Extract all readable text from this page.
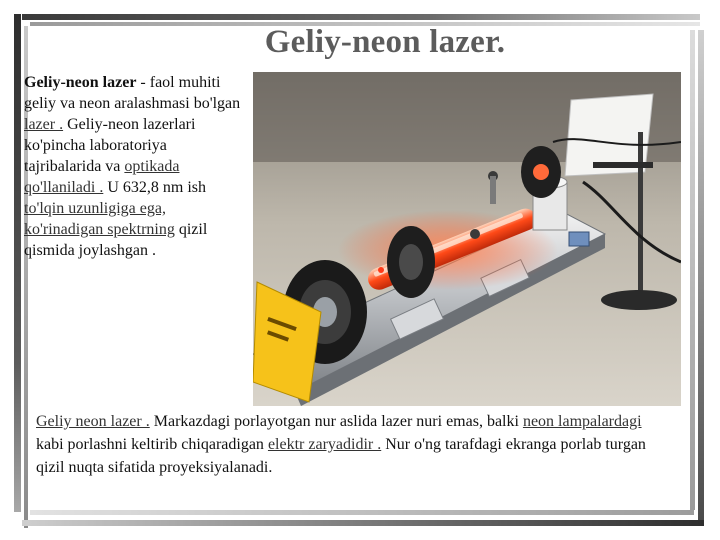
Geliy-neon lazer.
Geliy-neon lazer - faol muhiti geliy va neon aralashmasi bo'lgan lazer . Geliy-neon lazerlari ko'pincha laboratoriya tajribalarida va optikada qo'llaniladi . U 632,8 nm ish to'lqin uzunligiga ega, ko'rinadigan spektrning qizil qismida joylashgan .
Geliy neon lazer . Markazdagi porlayotgan nur aslida lazer nuri emas, balki neon lampalardagi kabi porlashni keltirib chiqaradigan elektr zaryadidir . Nur o'ng tarafdagi ekranga porlab turgan qizil nuqta sifatida proyeksiyalanadi.
